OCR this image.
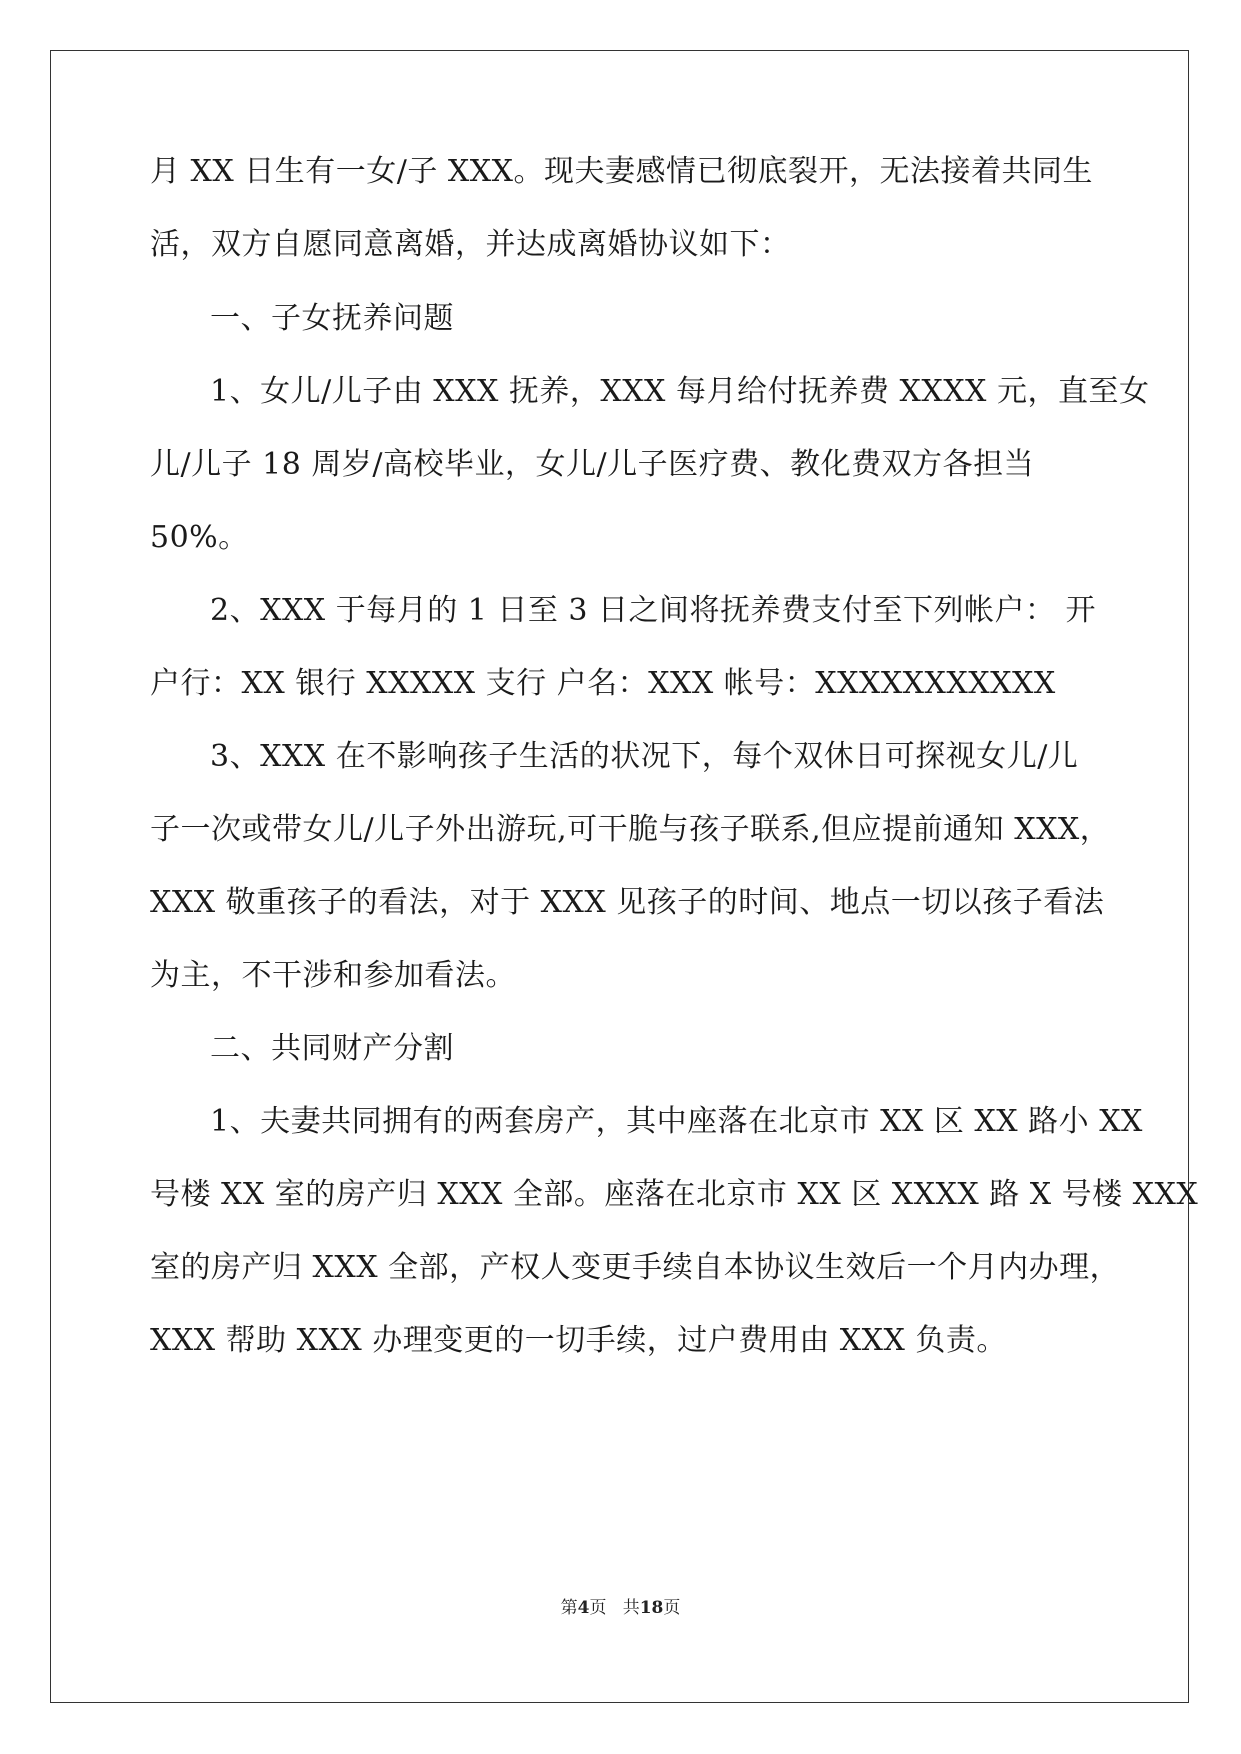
月 XX 日生有一女/子 XXX。现夫妻感情已彻底裂开，无法接着共同生
活，双方自愿同意离婚，并达成离婚协议如下：
一、子女抚养问题
1、女儿/儿子由 XXX 抚养，XXX 每月给付抚养费 XXXX 元，直至女
儿/儿子 18 周岁/高校毕业，女儿/儿子医疗费、教化费双方各担当
50%。
2、XXX 于每月的 1 日至 3 日之间将抚养费支付至下列帐户： 开
户行：XX 银行 XXXXX 支行 户名：XXX 帐号：XXXXXXXXXXX
3、XXX 在不影响孩子生活的状况下，每个双休日可探视女儿/儿
子一次或带女儿/儿子外出游玩,可干脆与孩子联系,但应提前通知 XXX，
XXX 敬重孩子的看法，对于 XXX 见孩子的时间、地点一切以孩子看法
为主，不干涉和参加看法。
二、共同财产分割
1、夫妻共同拥有的两套房产，其中座落在北京市 XX 区 XX 路小 XX
号楼 XX 室的房产归 XXX 全部。座落在北京市 XX 区 XXXX 路 X 号楼 XXX
室的房产归 XXX 全部，产权人变更手续自本协议生效后一个月内办理，
XXX 帮助 XXX 办理变更的一切手续，过户费用由 XXX 负责。
第4页 共18页
